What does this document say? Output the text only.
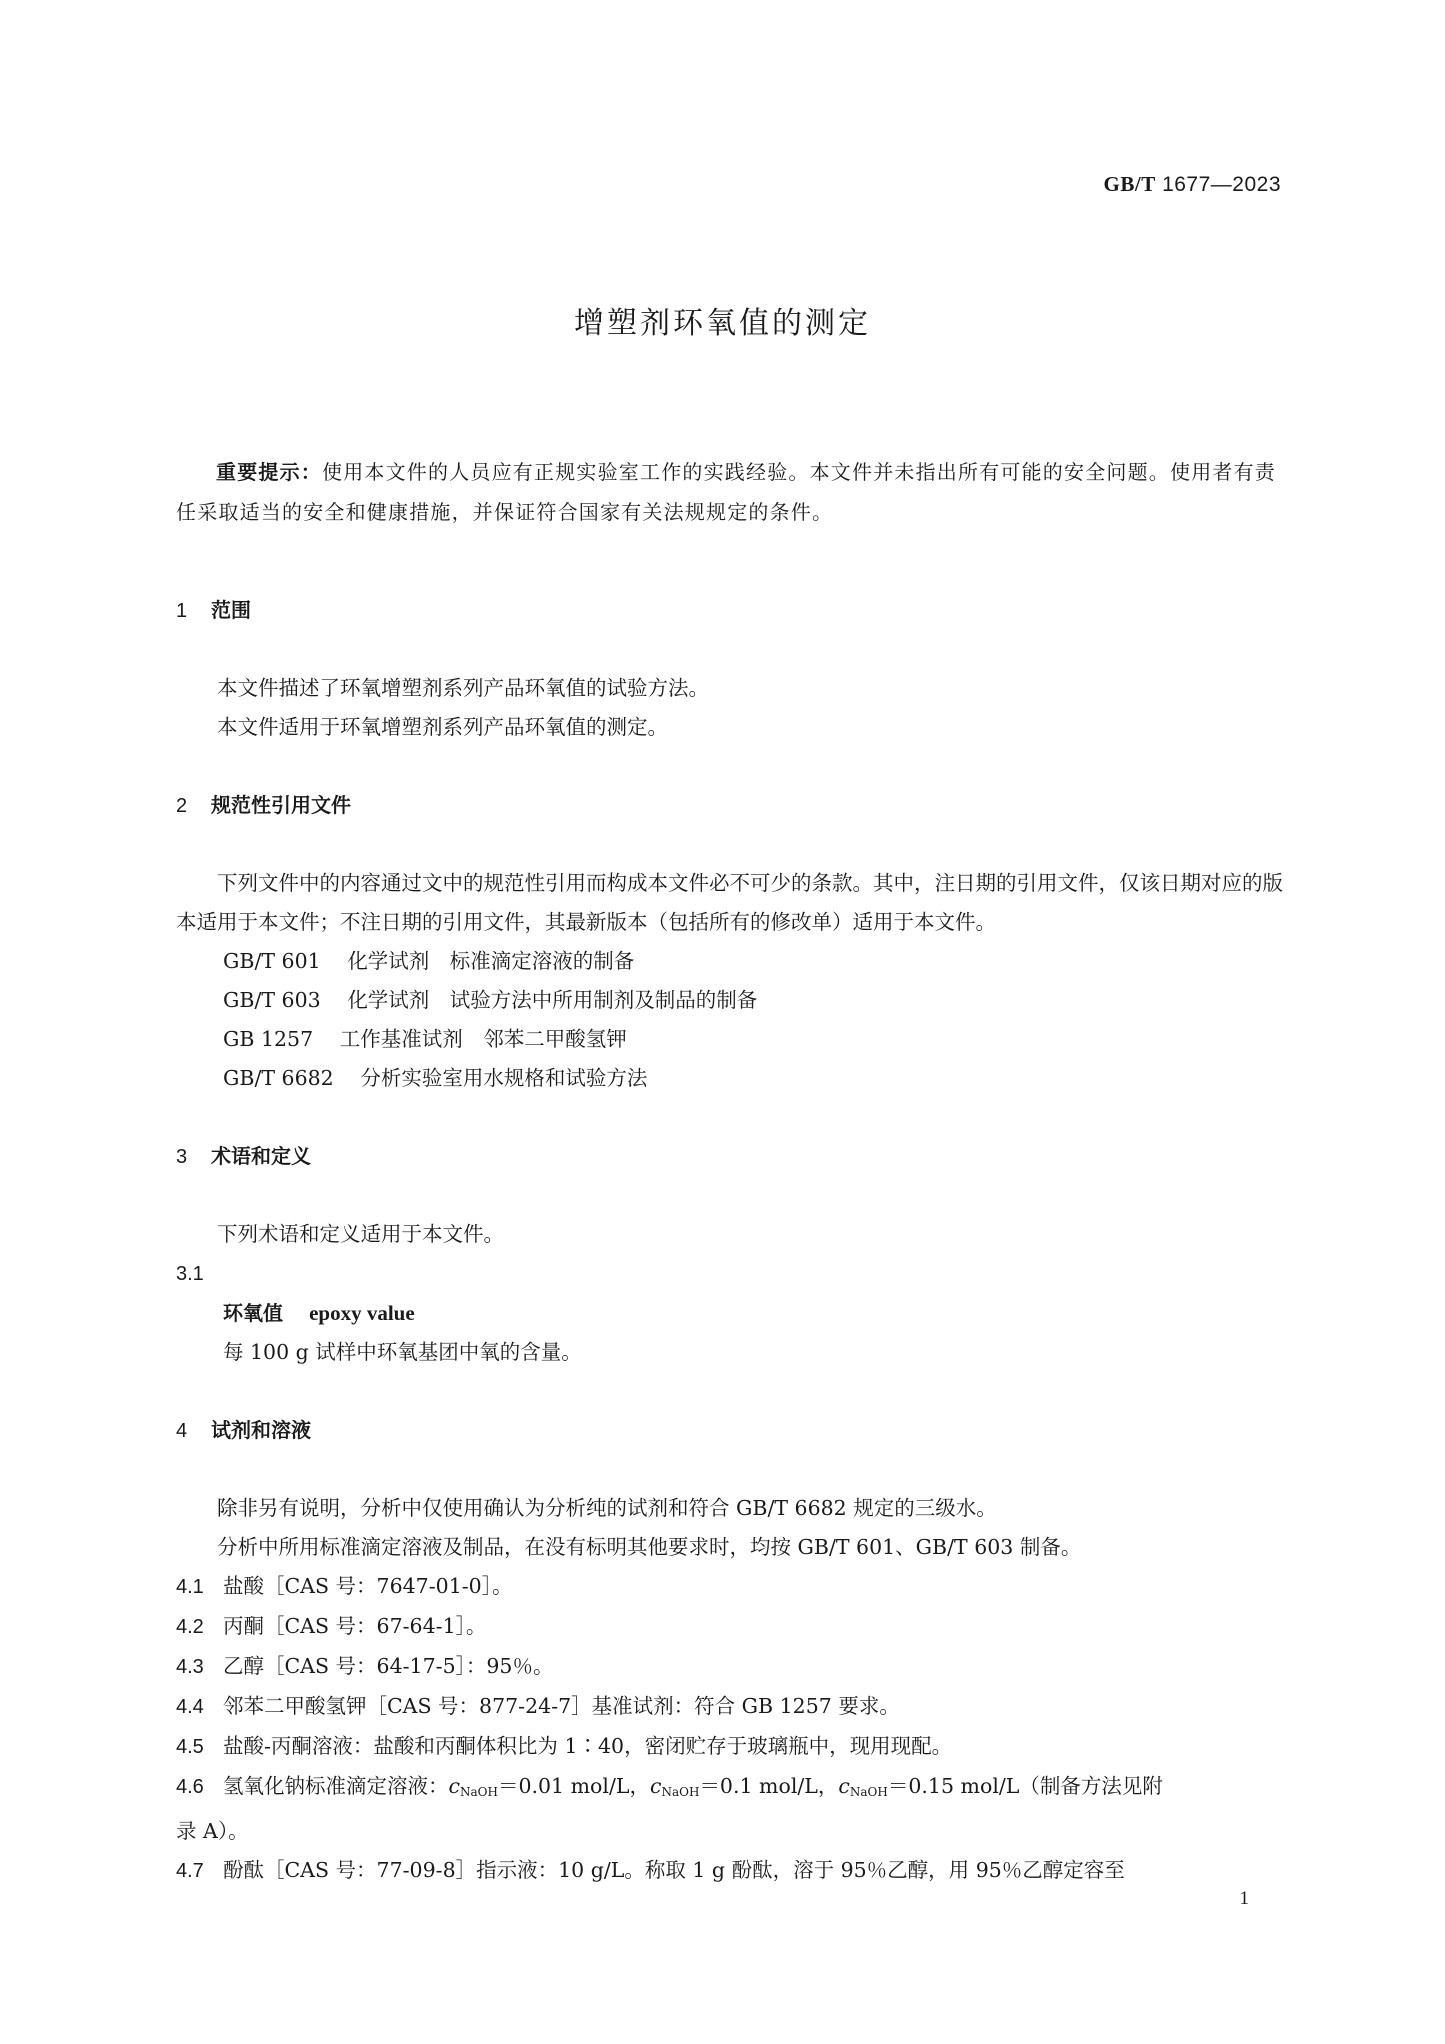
GB/T 1677—2023
增塑剂环氧值的测定

重要提示：使用本文件的人员应有正规实验室工作的实践经验。本文件并未指出所有可能的安全问题。使用者有责任采取适当的安全和健康措施，并保证符合国家有关法规规定的条件。

1 范围

本文件描述了环氧增塑剂系列产品环氧值的试验方法。

本文件适用于环氧增塑剂系列产品环氧值的测定。

2 规范性引用文件

下列文件中的内容通过文中的规范性引用而构成本文件必不可少的条款。其中，注日期的引用文件，仅该日期对应的版本适用于本文件；不注日期的引用文件，其最新版本（包括所有的修改单）适用于本文件。

GB/T 601 化学试剂　标准滴定溶液的制备

GB/T 603 化学试剂　试验方法中所用制剂及制品的制备

GB 1257 工作基准试剂　邻苯二甲酸氢钾

GB/T 6682 分析实验室用水规格和试验方法

3 术语和定义

下列术语和定义适用于本文件。

3.1

环氧值 epoxy value

每 100 g 试样中环氧基团中氧的含量。

4 试剂和溶液

除非另有说明，分析中仅使用确认为分析纯的试剂和符合 GB/T 6682 规定的三级水。

分析中所用标准滴定溶液及制品，在没有标明其他要求时，均按 GB/T 601、GB/T 603 制备。

4.1 盐酸［CAS 号：7647-01-0］。

4.2 丙酮［CAS 号：67-64-1］。

4.3 乙醇［CAS 号：64-17-5］：95％。

4.4 邻苯二甲酸氢钾［CAS 号：877-24-7］基准试剂：符合 GB 1257 要求。

4.5 盐酸-丙酮溶液：盐酸和丙酮体积比为 1∶40，密闭贮存于玻璃瓶中，现用现配。

4.6 氢氧化钠标准滴定溶液：$c_{NaOH}=0.01$ mol/L，$c_{NaOH}=0.1$ mol/L，$c_{NaOH}=0.15$ mol/L（制备方法见附

录 A）。

4.7 酚酞［CAS 号：77-09-8］指示液：10 g/L。称取 1 g 酚酞，溶于 95％乙醇，用 95％乙醇定容至

1
